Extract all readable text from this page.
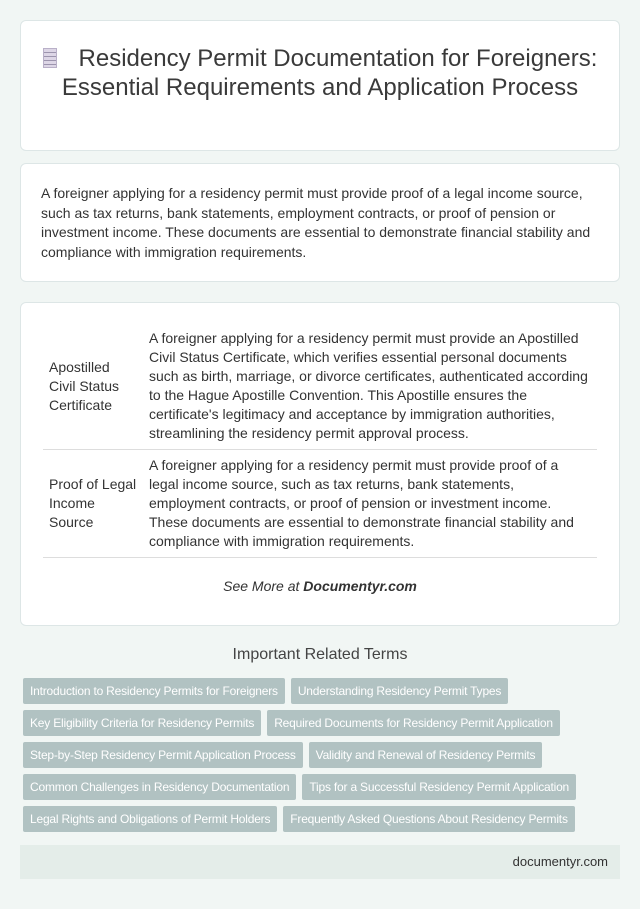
Residency Permit Documentation for Foreigners: Essential Requirements and Application Process

A foreigner applying for a residency permit must provide proof of a legal income source, such as tax returns, bank statements, employment contracts, or proof of pension or investment income. These documents are essential to demonstrate financial stability and compliance with immigration requirements.

Apostilled Civil Status Certificate	A foreigner applying for a residency permit must provide an Apostilled Civil Status Certificate, which verifies essential personal documents such as birth, marriage, or divorce certificates, authenticated according to the Hague Apostille Convention. This Apostille ensures the certificate's legitimacy and acceptance by immigration authorities, streamlining the residency permit approval process.
Proof of Legal Income Source	A foreigner applying for a residency permit must provide proof of a legal income source, such as tax returns, bank statements, employment contracts, or proof of pension or investment income. These documents are essential to demonstrate financial stability and compliance with immigration requirements.

See More at Documentyr.com

Important Related Terms
Introduction to Residency Permits for Foreigners	Understanding Residency Permit Types
Key Eligibility Criteria for Residency Permits	Required Documents for Residency Permit Application
Step-by-Step Residency Permit Application Process	Validity and Renewal of Residency Permits
Common Challenges in Residency Documentation	Tips for a Successful Residency Permit Application
Legal Rights and Obligations of Permit Holders	Frequently Asked Questions About Residency Permits
documentyr.com
